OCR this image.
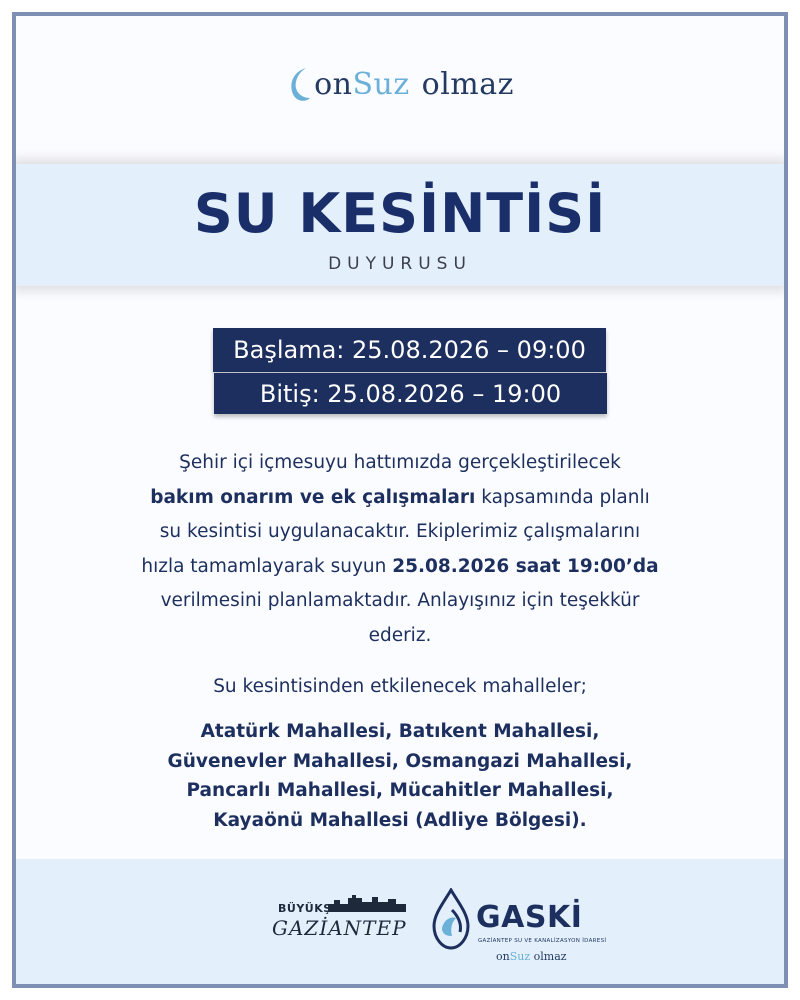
on Suz olmaz
SU KESİNTİSİ
DUYURUSU
Başlama: 25.08.2026 – 09:00
Bitiş: 25.08.2026 – 19:00
Şehir içi içmesuyu hattımızda gerçekleştirilecek
bakım onarım ve ek çalışmaları kapsamında planlı
su kesintisi uygulanacaktır. Ekiplerimiz çalışmalarını
hızla tamamlayarak suyun 25.08.2026 saat 19:00’da
verilmesini planlamaktadır. Anlayışınız için teşekkür
ederiz.
Su kesintisinden etkilenecek mahalleler;
Atatürk Mahallesi, Batıkent Mahallesi,
Güvenevler Mahallesi, Osmangazi Mahallesi,
Pancarlı Mahallesi, Mücahitler Mahallesi,
Kayaönü Mahallesi (Adliye Bölgesi).
BÜYÜKŞEHİR
GAZİANTEP GASKİ
GAZİANTEP SU VE KANALİZASYON İDARESİ
onSuz olmaz
